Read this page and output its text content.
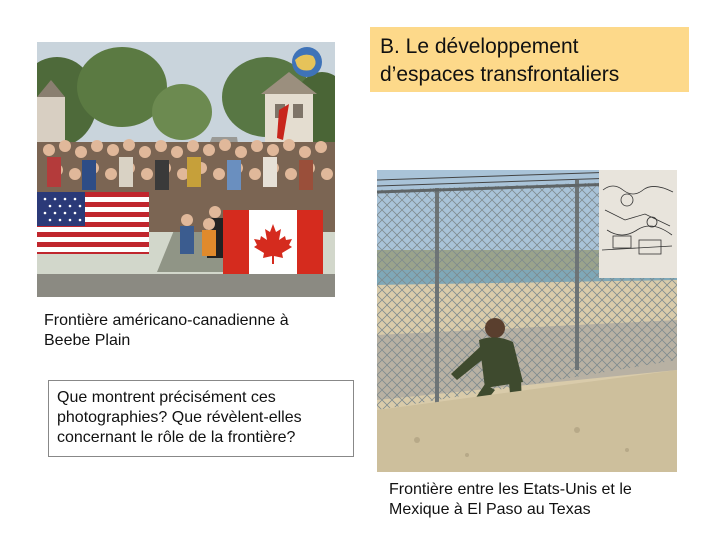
B. Le développement
d’espaces transfrontaliers
Frontière américano-canadienne à
Beebe Plain
Que montrent précisément ces
photographies? Que révèlent-elles
concernant le rôle de la frontière?
Frontière entre les Etats-Unis et le
Mexique à El Paso au Texas
